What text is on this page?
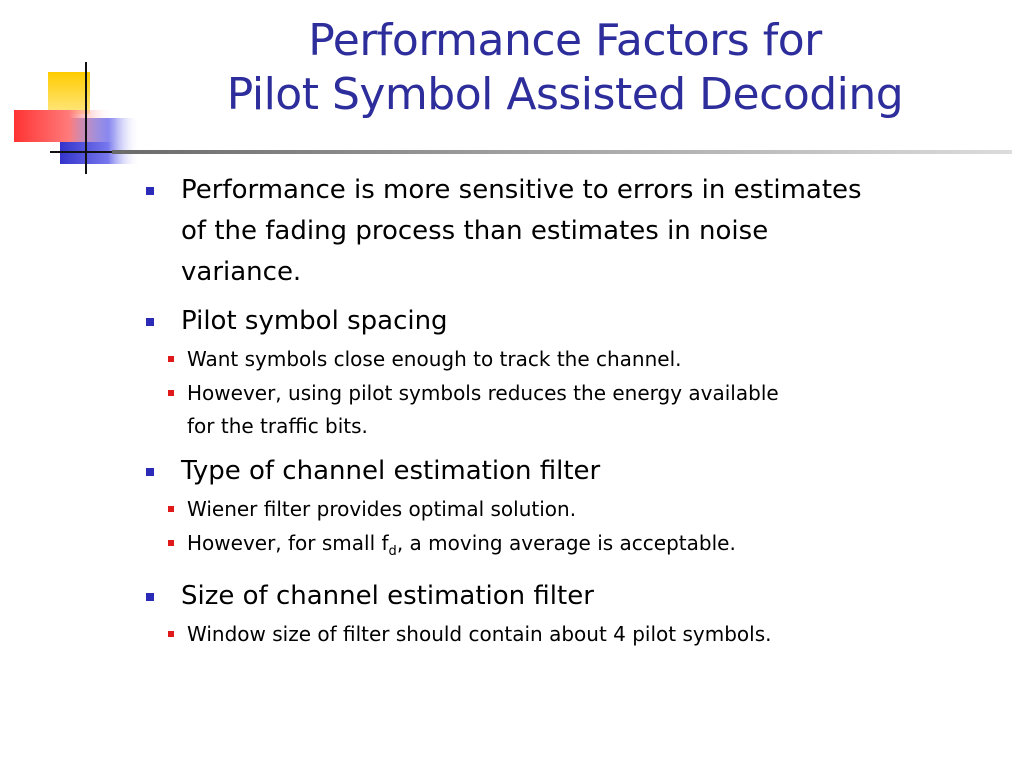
Performance Factors for
Pilot Symbol Assisted Decoding
Performance is more sensitive to errors in estimates
of the fading process than estimates in noise
variance.
Pilot symbol spacing
Want symbols close enough to track the channel.
However, using pilot symbols reduces the energy available
for the traffic bits.
Type of channel estimation filter
Wiener filter provides optimal solution.
However, for small $f_d$, a moving average is acceptable.
Size of channel estimation filter
Window size of filter should contain about 4 pilot symbols.
